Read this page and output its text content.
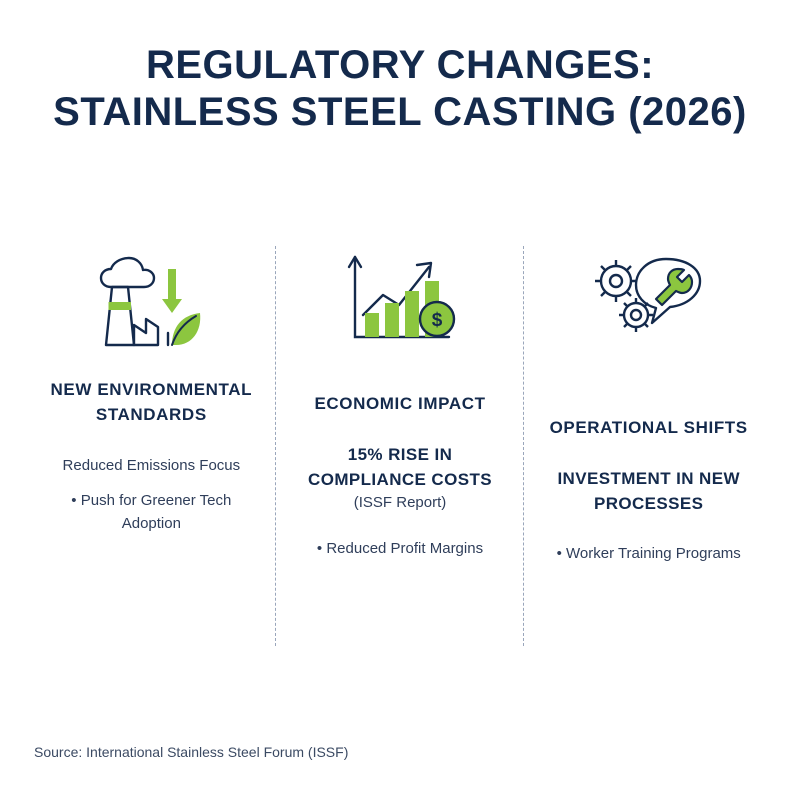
REGULATORY CHANGES:
STAINLESS STEEL CASTING (2026)
NEW ENVIRONMENTAL STANDARDS
Reduced Emissions Focus
• Push for Greener Tech Adoption
$
ECONOMIC IMPACT
15% RISE IN COMPLIANCE COSTS
(ISSF Report)
• Reduced Profit Margins
OPERATIONAL SHIFTS
INVESTMENT IN NEW PROCESSES
• Worker Training Programs
Source: International Stainless Steel Forum (ISSF)
